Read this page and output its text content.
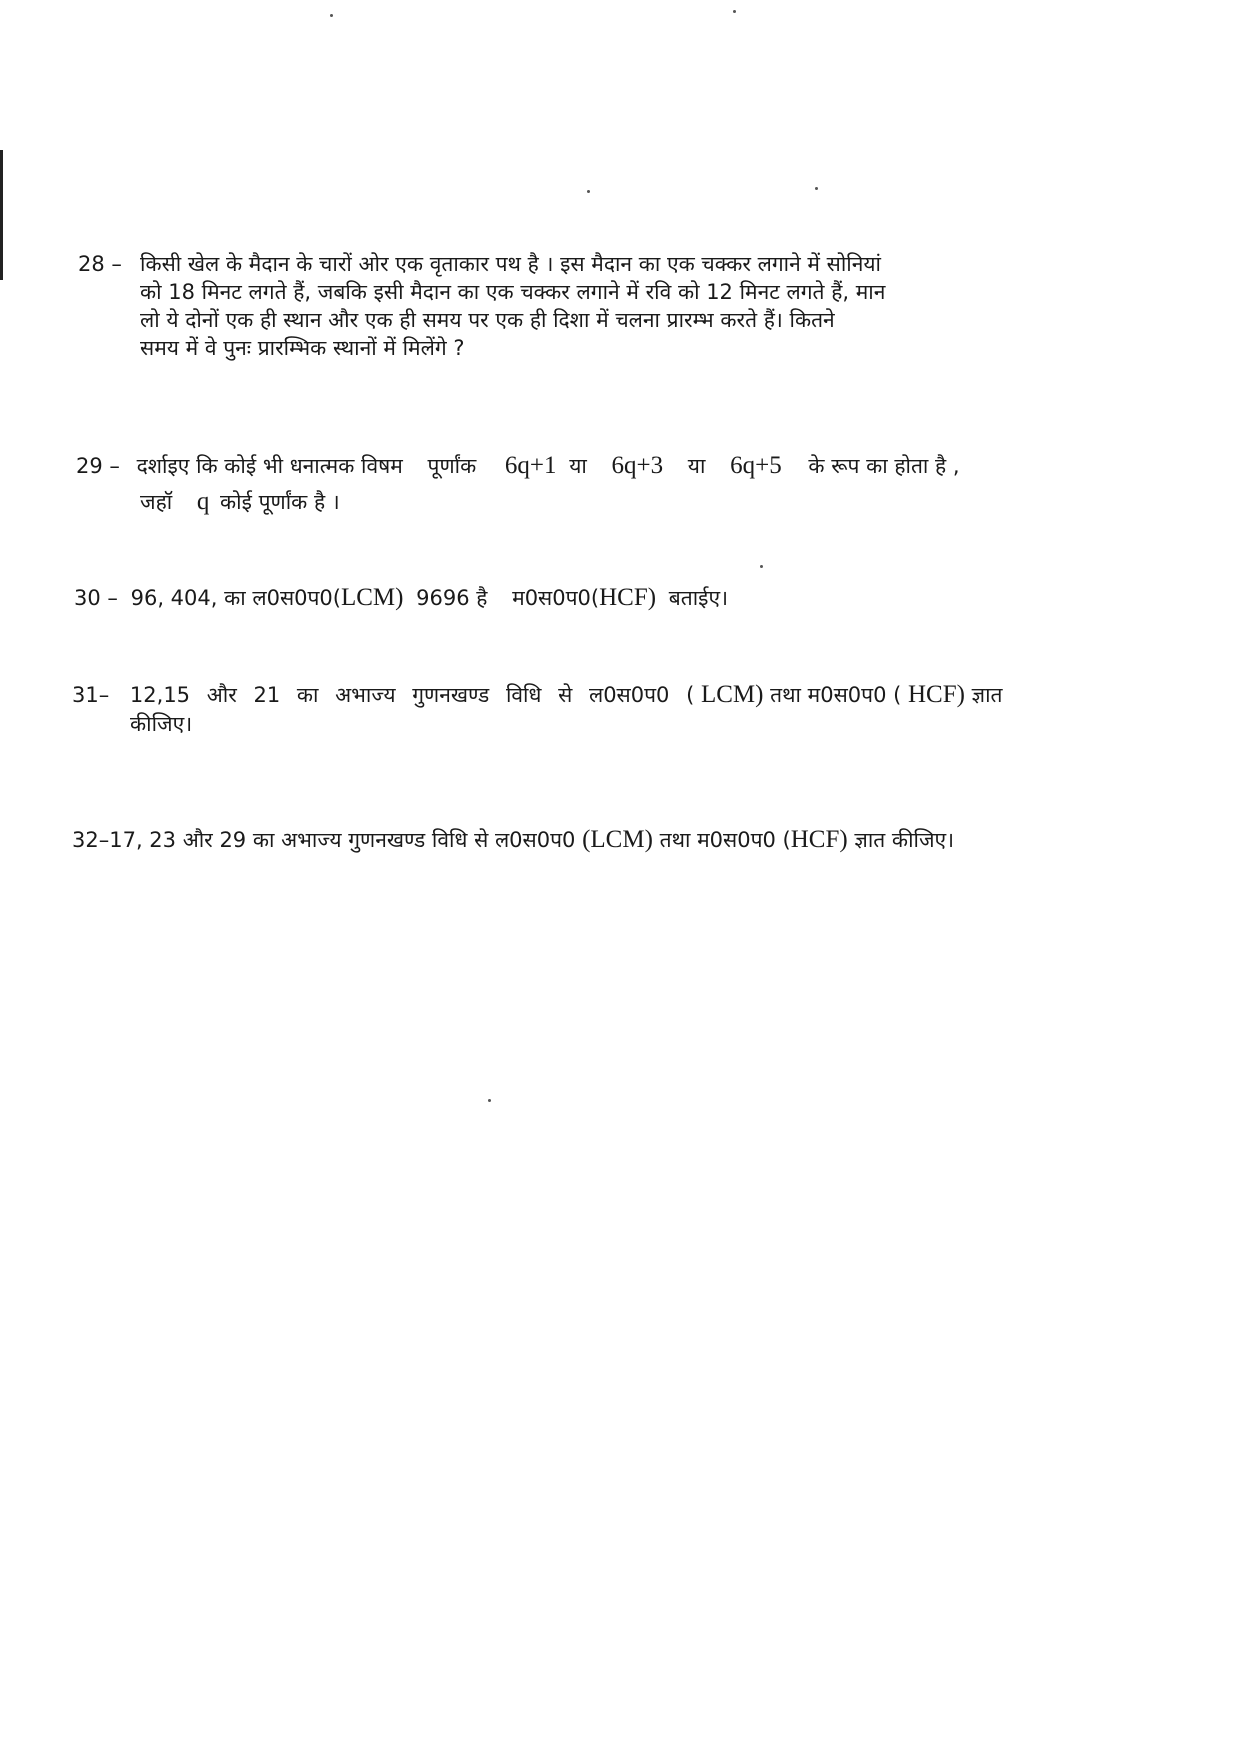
28 – किसी खेल के मैदान के चारों ओर एक वृताकार पथ है । इस मैदान का एक चक्कर लगाने में सोनियां
को 18 मिनट लगते हैं, जबकि इसी मैदान का एक चक्कर लगाने में रवि को 12 मिनट लगते हैं, मान
लो ये दोनों एक ही स्थान और एक ही समय पर एक ही दिशा में चलना प्रारम्भ करते हैं। कितने
समय में वे पुनः प्रारम्भिक स्थानों में मिलेंगे ?
29 – दर्शाइए कि कोई भी धनात्मक विषम पूर्णांक 6q+1 या 6q+3 या 6q+5 के रूप का होता है ,
जहॉ q कोई पूर्णांक है ।
30 – 96, 404, का ल0स0प0(LCM) 9696 है म0स0प0(HCF) बताईए।
31– 12,15 और 21 का अभाज्य गुणनखण्ड विधि से ल0स0प0 ( LCM) तथा म0स0प0 ( HCF) ज्ञात
कीजिए।
32–17, 23 और 29 का अभाज्य गुणनखण्ड विधि से ल0स0प0 (LCM) तथा म0स0प0 (HCF) ज्ञात कीजिए।
